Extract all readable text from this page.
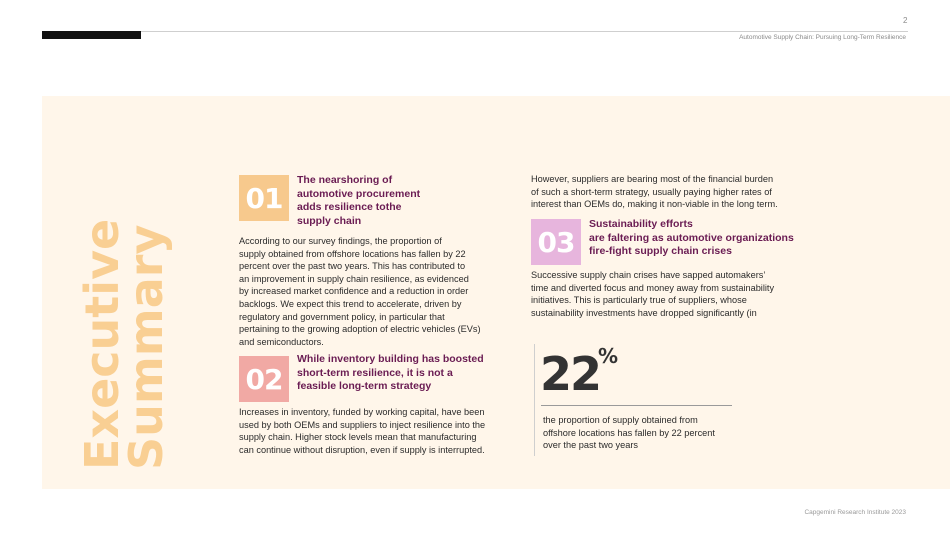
2
Automotive Supply Chain: Pursuing Long-Term Resilience
Executive
Summary
01
The nearshoring of
automotive procurement
adds resilience tothe
supply chain
According to our survey findings, the proportion of
supply obtained from offshore locations has fallen by 22
percent over the past two years. This has contributed to
an improvement in supply chain resilience, as evidenced
by increased market confidence and a reduction in order
backlogs. We expect this trend to accelerate, driven by
regulatory and government policy, in particular that
pertaining to the growing adoption of electric vehicles (EVs)
and semiconductors.
02
While inventory building has boosted
short-term resilience, it is not a
feasible long-term strategy
Increases in inventory, funded by working capital, have been
used by both OEMs and suppliers to inject resilience into the
supply chain. Higher stock levels mean that manufacturing
can continue without disruption, even if supply is interrupted.
However, suppliers are bearing most of the financial burden
of such a short-term strategy, usually paying higher rates of
interest than OEMs do, making it non-viable in the long term.
03
Sustainability efforts
are faltering as automotive organizations
fire-fight supply chain crises
Successive supply chain crises have sapped automakers’
time and diverted focus and money away from sustainability
initiatives. This is particularly true of suppliers, whose
sustainability investments have dropped significantly (in
22
%
the proportion of supply obtained from
offshore locations has fallen by 22 percent
over the past two years
Capgemini Research Institute 2023
